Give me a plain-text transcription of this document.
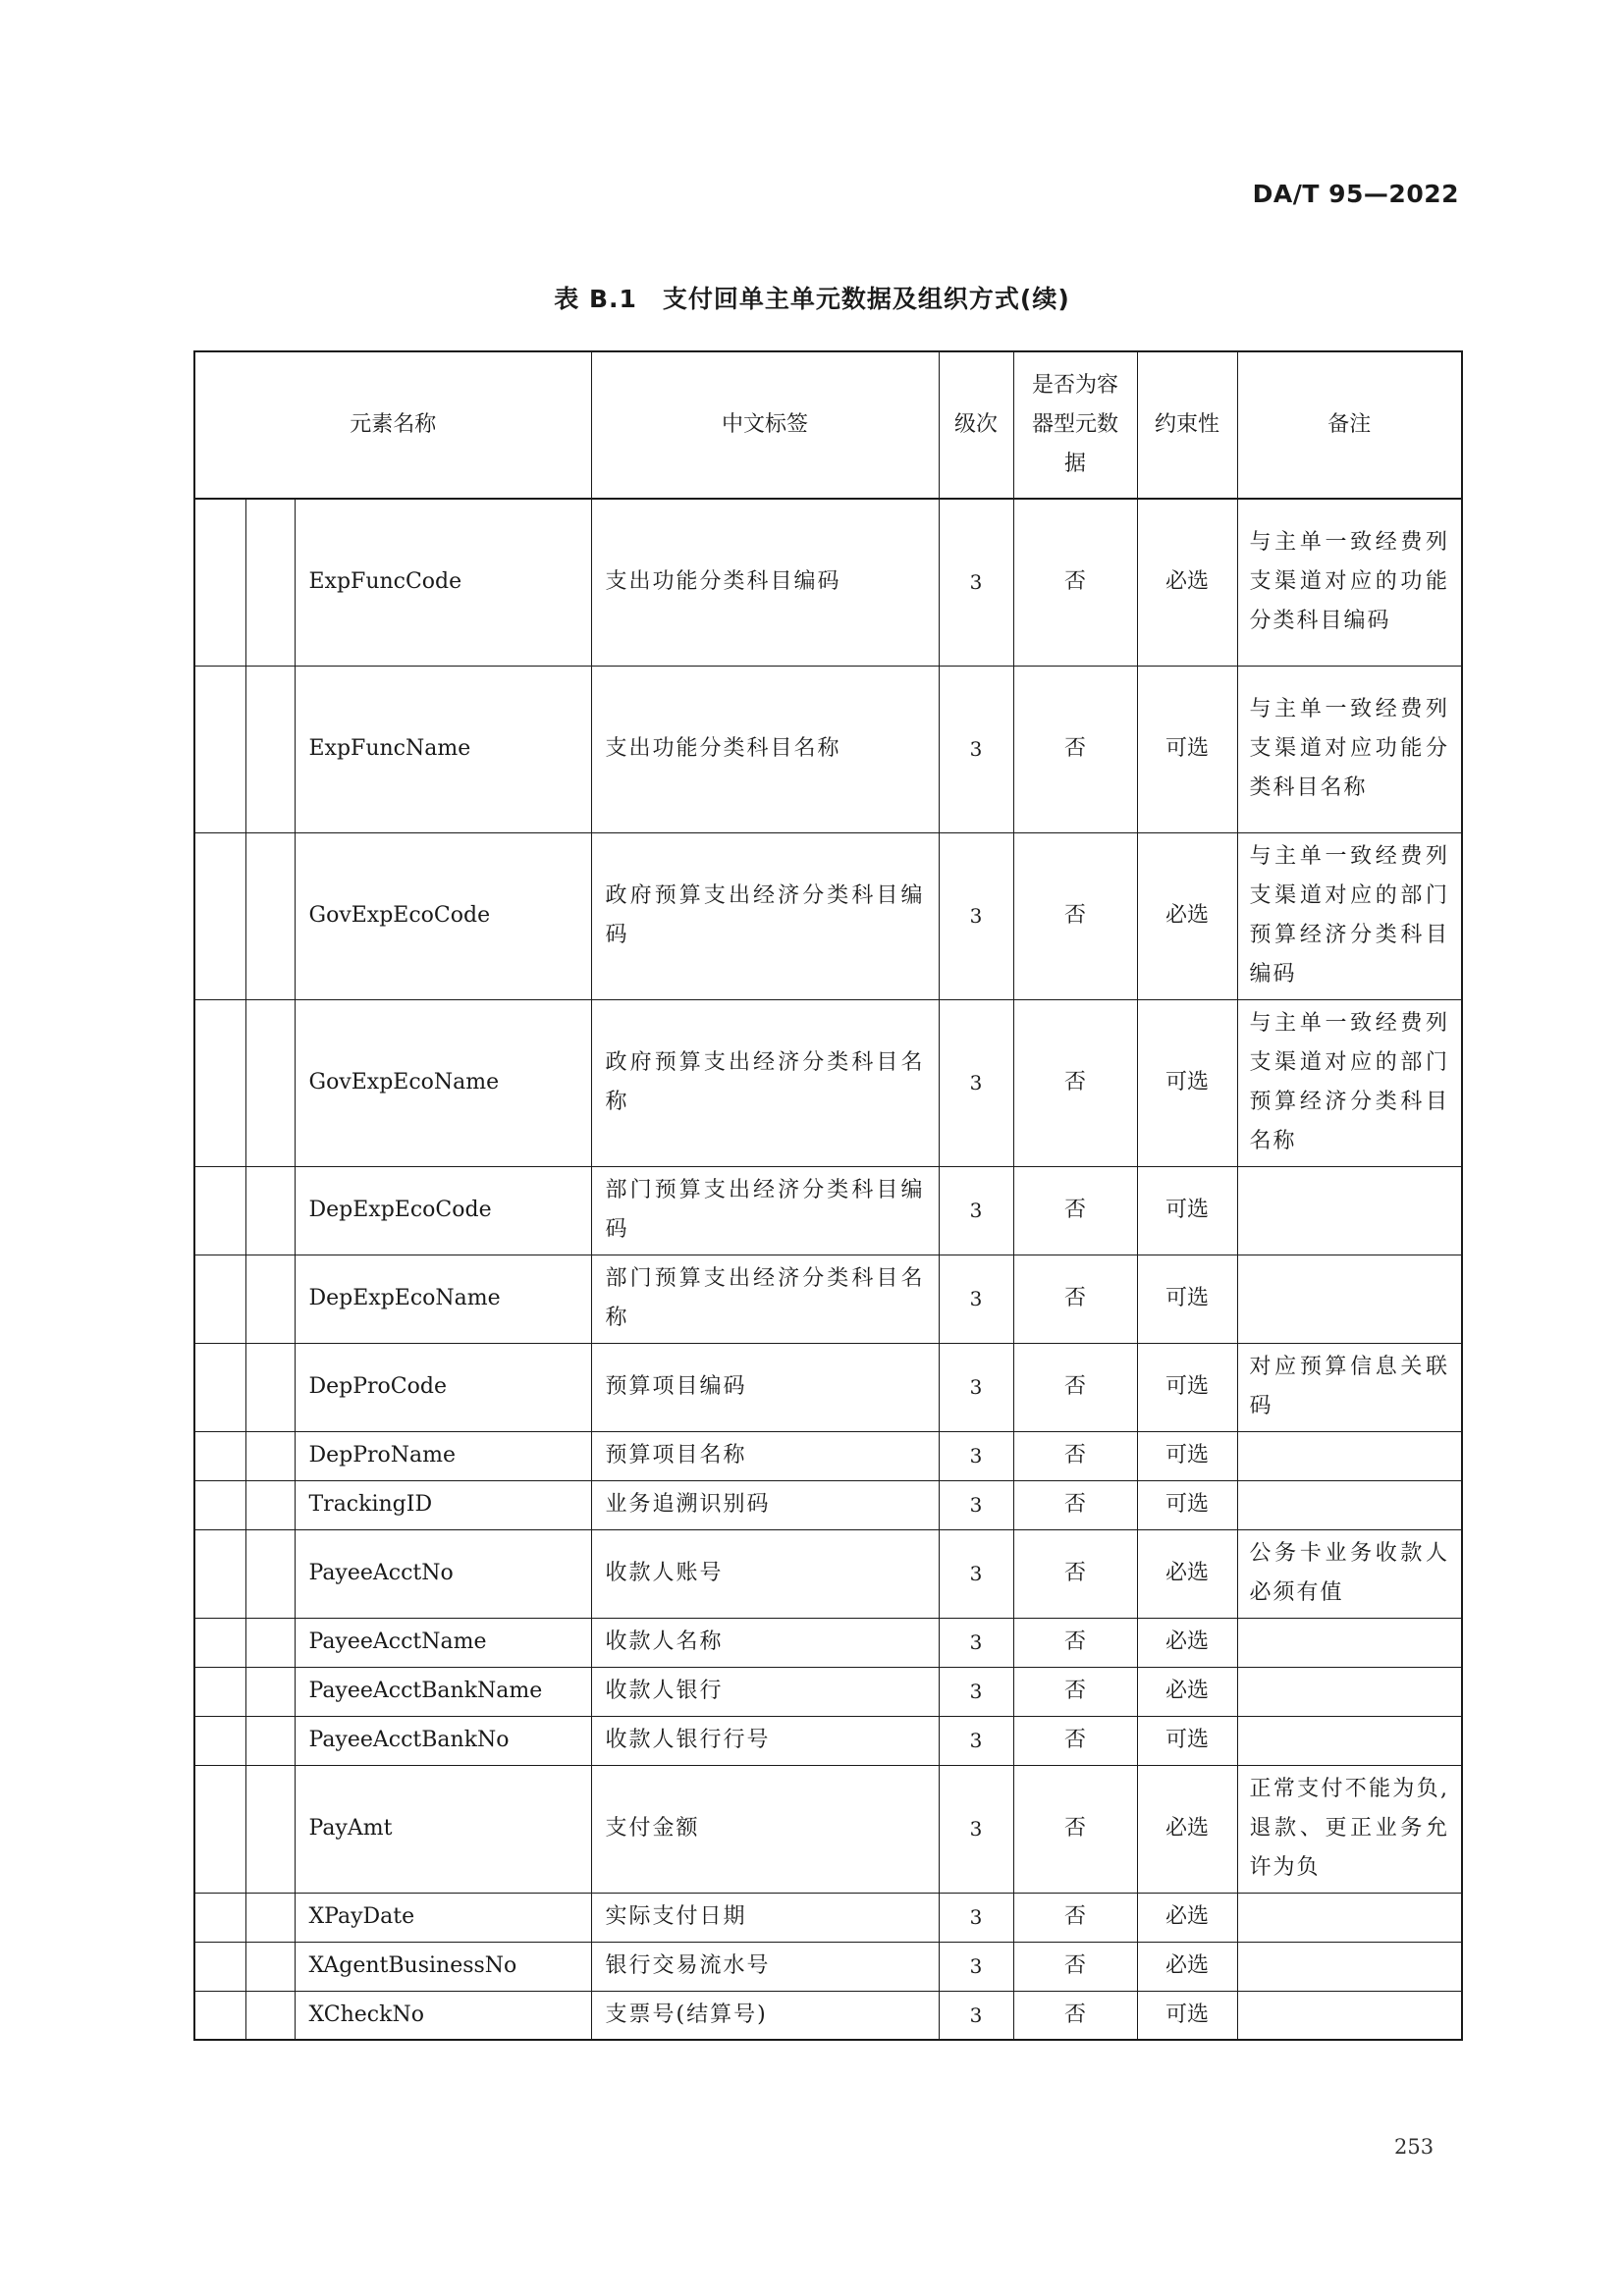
DA/T 95—2022
表 B.1 支付回单主单元数据及组织方式(续)
元素名称			中文标签	级次	是否为容器型元数据	约束性	备注
		ExpFuncCode	支出功能分类科目编码	3	否	必选	与主单一致经费列支渠道对应的功能分类科目编码
		ExpFuncName	支出功能分类科目名称	3	否	可选	与主单一致经费列支渠道对应功能分类科目名称
		GovExpEcoCode	政府预算支出经济分类科目编码	3	否	必选	与主单一致经费列支渠道对应的部门预算经济分类科目编码
		GovExpEcoName	政府预算支出经济分类科目名称	3	否	可选	与主单一致经费列支渠道对应的部门预算经济分类科目名称
		DepExpEcoCode	部门预算支出经济分类科目编码	3	否	可选	
		DepExpEcoName	部门预算支出经济分类科目名称	3	否	可选	
		DepProCode	预算项目编码	3	否	可选	对应预算信息关联码
		DepProName	预算项目名称	3	否	可选	
		TrackingID	业务追溯识别码	3	否	可选	
		PayeeAcctNo	收款人账号	3	否	必选	公务卡业务收款人必须有值
		PayeeAcctName	收款人名称	3	否	必选	
		PayeeAcctBankName	收款人银行	3	否	必选	
		PayeeAcctBankNo	收款人银行行号	3	否	可选	
		PayAmt	支付金额	3	否	必选	正常支付不能为负,退款、更正业务允许为负
		XPayDate	实际支付日期	3	否	必选	
		XAgentBusinessNo	银行交易流水号	3	否	必选	
		XCheckNo	支票号(结算号)	3	否	可选	
253
